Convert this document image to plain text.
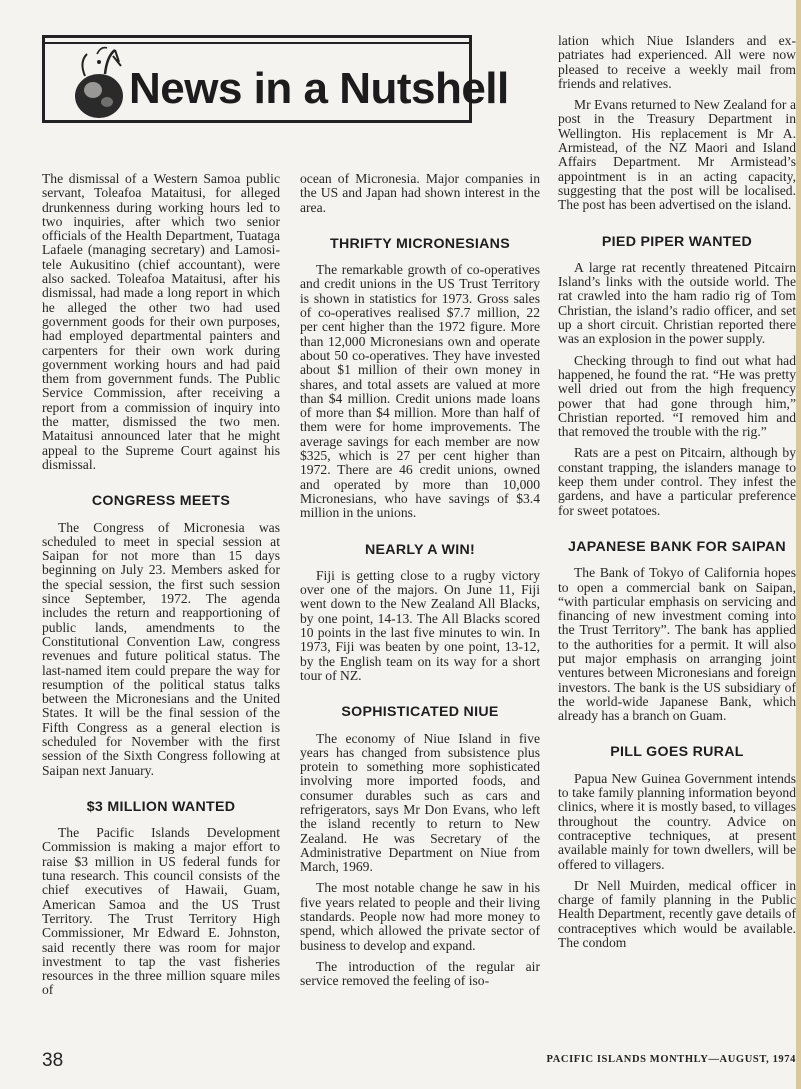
News in a Nutshell

The dismissal of a Western Samoa public servant, Toleafoa Mataitusi, for alleged drunkenness during working hours led to two inquiries, after which two senior officials of the Health Department, Tuataga Lafaele (managing secretary) and Lamositele Aukusitino (chief accountant), were also sacked. Toleafoa Mataitusi, after his dismissal, had made a long report in which he alleged the other two had used government goods for their own purposes, had employed departmental painters and carpenters for their own work during government working hours and had paid them from government funds. The Public Service Commission, after receiving a report from a commission of inquiry into the matter, dismissed the two men. Mataitusi announced later that he might appeal to the Supreme Court against his dismissal.

CONGRESS MEETS

The Congress of Micronesia was scheduled to meet in special session at Saipan for not more than 15 days beginning on July 23. Members asked for the special session, the first such session since September, 1972. The agenda includes the return and reapportioning of public lands, amendments to the Constitutional Convention Law, congress revenues and future political status. The last-named item could prepare the way for resumption of the political status talks between the Micronesians and the United States. It will be the final session of the Fifth Congress as a general election is scheduled for November with the first session of the Sixth Congress following at Saipan next January.

$3 MILLION WANTED

The Pacific Islands Development Commission is making a major effort to raise $3 million in US federal funds for tuna research. This council consists of the chief executives of Hawaii, Guam, American Samoa and the US Trust Territory. The Trust Territory High Commissioner, Mr Edward E. Johnston, said recently there was room for major investment to tap the vast fisheries resources in the three million square miles of

ocean of Micronesia. Major companies in the US and Japan had shown interest in the area.

THRIFTY MICRONESIANS

The remarkable growth of co-operatives and credit unions in the US Trust Territory is shown in statistics for 1973. Gross sales of co-operatives realised $7.7 million, 22 per cent higher than the 1972 figure. More than 12,000 Micronesians own and operate about 50 co-operatives. They have invested about $1 million of their own money in shares, and total assets are valued at more than $4 million. Credit unions made loans of more than $4 million. More than half of them were for home improvements. The average savings for each member are now $325, which is 27 per cent higher than 1972. There are 46 credit unions, owned and operated by more than 10,000 Micronesians, who have savings of $3.4 million in the unions.

NEARLY A WIN!

Fiji is getting close to a rugby victory over one of the majors. On June 11, Fiji went down to the New Zealand All Blacks, by one point, 14-13. The All Blacks scored 10 points in the last five minutes to win. In 1973, Fiji was beaten by one point, 13-12, by the English team on its way for a short tour of NZ.

SOPHISTICATED NIUE

The economy of Niue Island in five years has changed from subsistence plus protein to something more sophisticated involving more imported foods, and consumer durables such as cars and refrigerators, says Mr Don Evans, who left the island recently to return to New Zealand. He was Secretary of the Administrative Department on Niue from March, 1969.

The most notable change he saw in his five years related to people and their living standards. People now had more money to spend, which allowed the private sector of business to develop and expand.

The introduction of the regular air service removed the feeling of iso-

lation which Niue Islanders and ex-patriates had experienced. All were now pleased to receive a weekly mail from friends and relatives.

Mr Evans returned to New Zealand for a post in the Treasury Department in Wellington. His replacement is Mr A. Armistead, of the NZ Maori and Island Affairs Department. Mr Armistead’s appointment is in an acting capacity, suggesting that the post will be localised. The post has been advertised on the island.

PIED PIPER WANTED

A large rat recently threatened Pitcairn Island’s links with the outside world. The rat crawled into the ham radio rig of Tom Christian, the island’s radio officer, and set up a short circuit. Christian reported there was an explosion in the power supply.

Checking through to find out what had happened, he found the rat. “He was pretty well dried out from the high frequency power that had gone through him,” Christian reported. “I removed him and that removed the trouble with the rig.”

Rats are a pest on Pitcairn, although by constant trapping, the islanders manage to keep them under control. They infest the gardens, and have a particular preference for sweet potatoes.

JAPANESE BANK FOR SAIPAN

The Bank of Tokyo of California hopes to open a commercial bank on Saipan, “with particular emphasis on servicing and financing of new investment coming into the Trust Territory”. The bank has applied to the authorities for a permit. It will also put major emphasis on arranging joint ventures between Micronesians and foreign investors. The bank is the US subsidiary of the world-wide Japanese Bank, which already has a branch on Guam.

PILL GOES RURAL

Papua New Guinea Government intends to take family planning information beyond clinics, where it is mostly based, to villages throughout the country. Advice on contraceptive techniques, at present available mainly for town dwellers, will be offered to villagers.

Dr Nell Muirden, medical officer in charge of family planning in the Public Health Department, recently gave details of contraceptives which would be available. The condom

38	PACIFIC ISLANDS MONTHLY—AUGUST, 1974
